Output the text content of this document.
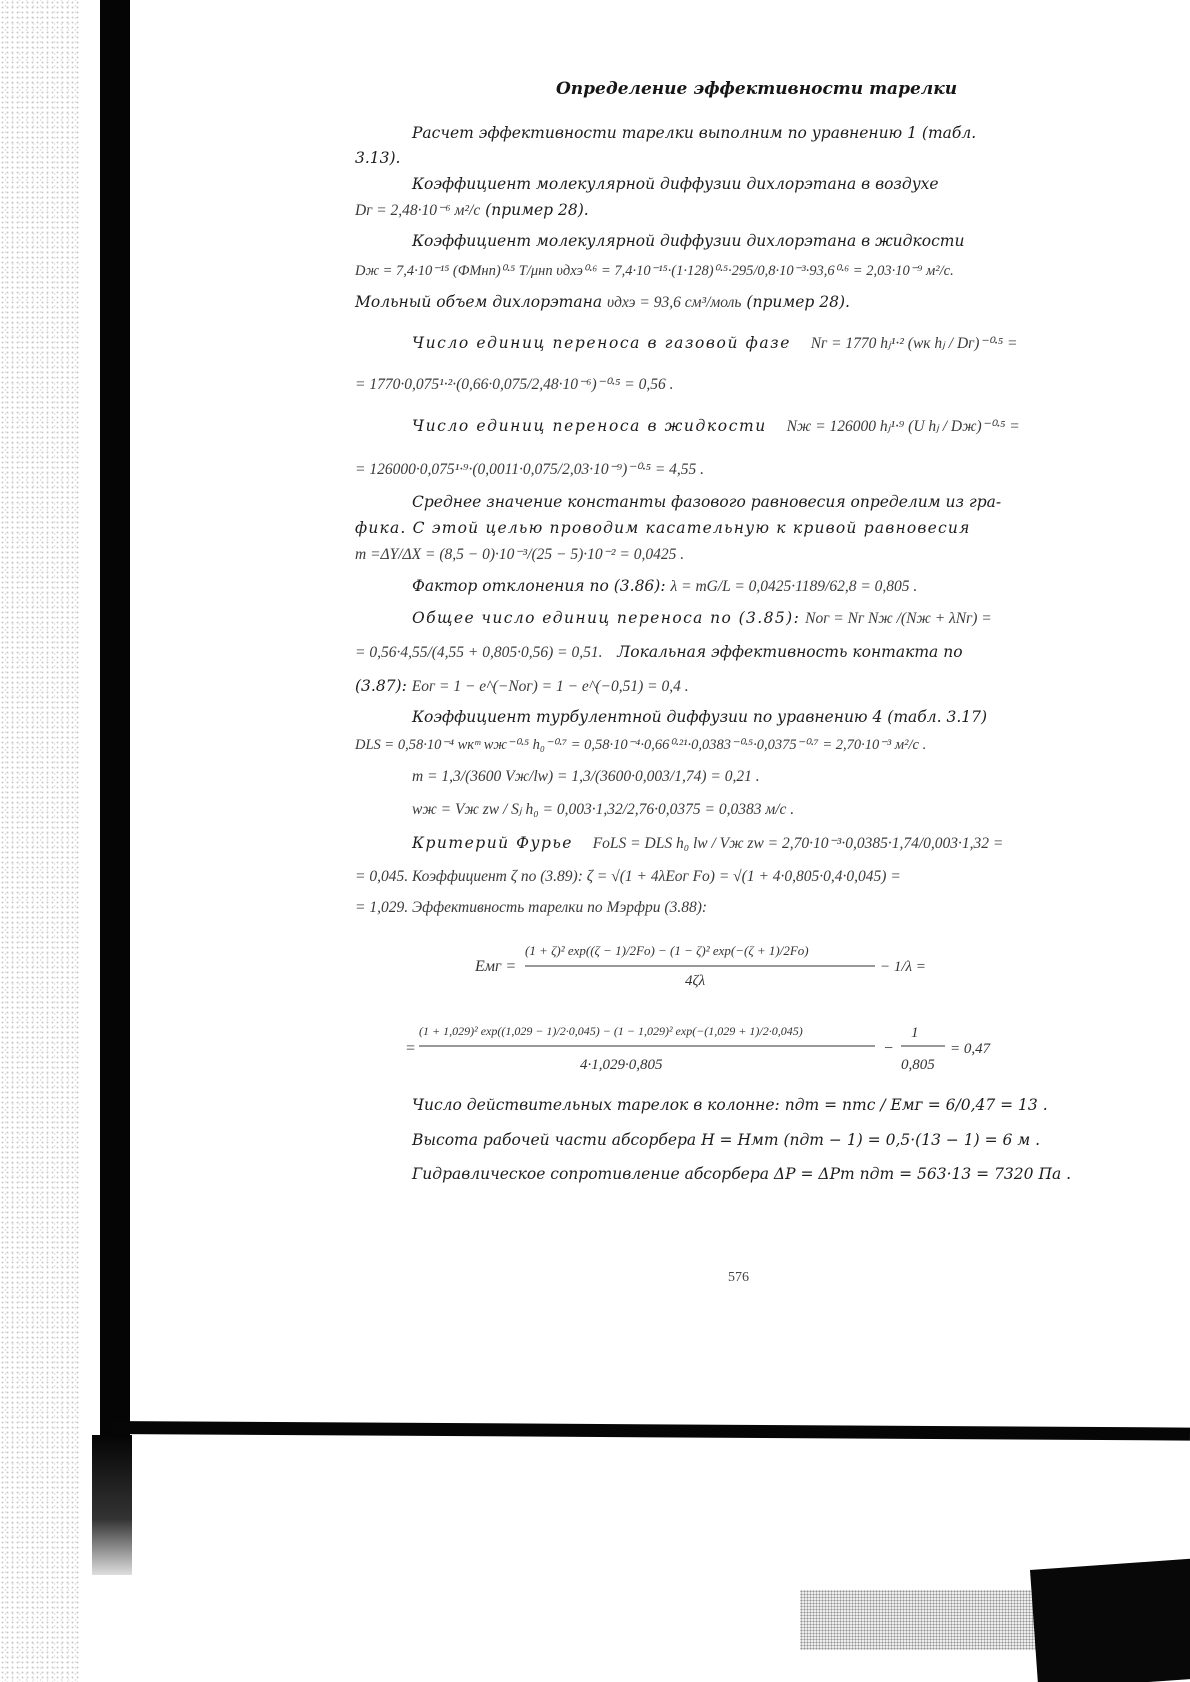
Определение эффективности тарелки
Расчет эффективности тарелки выполним по уравнению 1 (табл.
3.13).
Коэффициент молекулярной диффузии дихлорэтана в воздухе
Dᴦ = 2,48·10⁻⁶ м²/с (пример 28).
Коэффициент молекулярной диффузии дихлорэтана в жидкости
Dж = 7,4·10⁻¹⁵ (ФМнп)⁰·⁵ T/μнп υдхэ⁰·⁶ = 7,4·10⁻¹⁵·(1·128)⁰·⁵·295/0,8·10⁻³·93,6⁰·⁶ = 2,03·10⁻⁹ м²/с.
Мольный объем дихлорэтана υдхэ = 93,6 см³/моль (пример 28).
Число единиц переноса в газовой фазе Nᴦ = 1770 hⱼ¹·² (wк hⱼ / Dᴦ)⁻⁰·⁵ =
= 1770·0,075¹·²·(0,66·0,075/2,48·10⁻⁶)⁻⁰·⁵ = 0,56 .
Число единиц переноса в жидкости Nж = 126000 hⱼ¹·⁹ (U hⱼ / Dж)⁻⁰·⁵ =
= 126000·0,075¹·⁹·(0,0011·0,075/2,03·10⁻⁹)⁻⁰·⁵ = 4,55 .
Среднее значение константы фазового равновесия определим из гра-
фика. С этой целью проводим касательную к кривой равновесия
m =ΔY/ΔX = (8,5 − 0)·10⁻³/(25 − 5)·10⁻² = 0,0425 .
Фактор отклонения по (3.86): λ = mG/L = 0,0425·1189/62,8 = 0,805 .
Общее число единиц переноса по (3.85): Nоᴦ = Nᴦ Nж /(Nж + λNᴦ) =
= 0,56·4,55/(4,55 + 0,805·0,56) = 0,51. Локальная эффективность контакта по
(3.87): Eоᴦ = 1 − e^(−Nоᴦ) = 1 − e^(−0,51) = 0,4 .
Коэффициент турбулентной диффузии по уравнению 4 (табл. 3.17)
DLS = 0,58·10⁻⁴ wкᵐ wж⁻⁰·⁵ h₀⁻⁰·⁷ = 0,58·10⁻⁴·0,66⁰·²¹·0,0383⁻⁰·⁵·0,0375⁻⁰·⁷ = 2,70·10⁻³ м²/с .
m = 1,3/(3600 Vж/lw) = 1,3/(3600·0,003/1,74) = 0,21 .
wж = Vж zw / Sⱼ h₀ = 0,003·1,32/2,76·0,0375 = 0,0383 м/с .
Критерий Фурье FoLS = DLS h₀ lw / Vж zw = 2,70·10⁻³·0,0385·1,74/0,003·1,32 =
= 0,045. Коэффициент ζ по (3.89): ζ = √(1 + 4λEоᴦ Fo) = √(1 + 4·0,805·0,4·0,045) =
= 1,029. Эффективность тарелки по Мэрфри (3.88):
Eмᴦ =
(1 + ζ)² exp((ζ − 1)/2Fo) − (1 − ζ)² exp(−(ζ + 1)/2Fo)
4ζλ
− 1/λ =
=
(1 + 1,029)² exp((1,029 − 1)/2·0,045) − (1 − 1,029)² exp(−(1,029 + 1)/2·0,045)
4·1,029·0,805
−
1
0,805
= 0,47
Число действительных тарелок в колонне: nдт = nтс / Eмᴦ = 6/0,47 = 13 .
Высота рабочей части абсорбера H = Hмт (nдт − 1) = 0,5·(13 − 1) = 6 м .
Гидравлическое сопротивление абсорбера ΔP = ΔPт nдт = 563·13 = 7320 Па .
576
